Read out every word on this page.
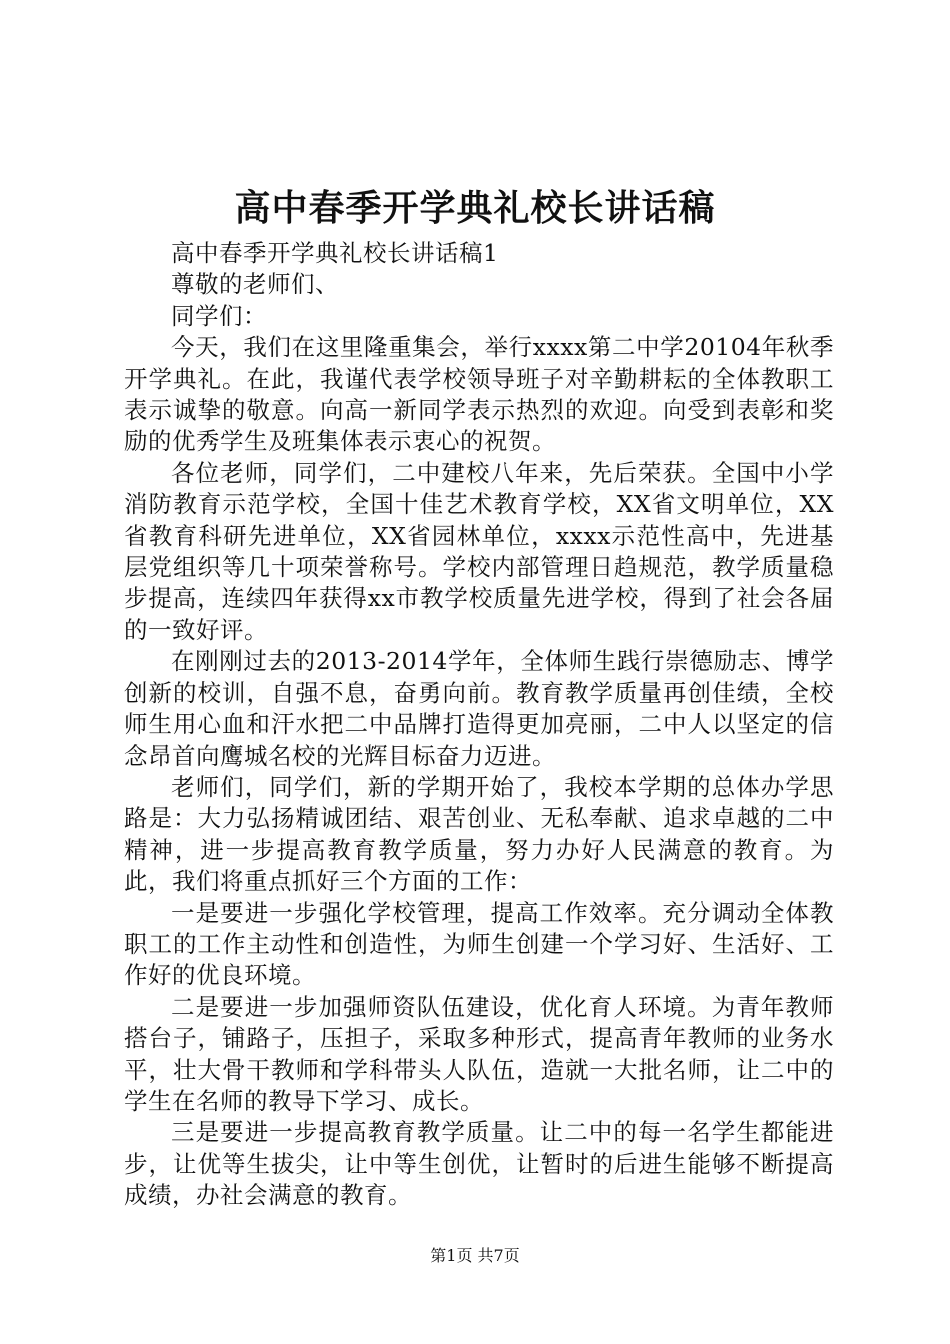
高中春季开学典礼校长讲话稿

高中春季开学典礼校长讲话稿1

尊敬的老师们、

同学们：

今天，我们在这里隆重集会，举行xxxx第二中学20104年秋季开学典礼。在此，我谨代表学校领导班子对辛勤耕耘的全体教职工表示诚挚的敬意。向高一新同学表示热烈的欢迎。向受到表彰和奖励的优秀学生及班集体表示衷心的祝贺。

各位老师，同学们，二中建校八年来，先后荣获。全国中小学消防教育示范学校，全国十佳艺术教育学校，XX省文明单位，XX省教育科研先进单位，XX省园林单位，xxxx示范性高中，先进基层党组织等几十项荣誉称号。学校内部管理日趋规范，教学质量稳步提高，连续四年获得xx市教学校质量先进学校，得到了社会各届的一致好评。

在刚刚过去的2013-2014学年，全体师生践行崇德励志、博学创新的校训，自强不息，奋勇向前。教育教学质量再创佳绩，全校师生用心血和汗水把二中品牌打造得更加亮丽，二中人以坚定的信念昂首向鹰城名校的光辉目标奋力迈进。

老师们，同学们，新的学期开始了，我校本学期的总体办学思路是：大力弘扬精诚团结、艰苦创业、无私奉献、追求卓越的二中精神，进一步提高教育教学质量，努力办好人民满意的教育。为此，我们将重点抓好三个方面的工作：

一是要进一步强化学校管理，提高工作效率。充分调动全体教职工的工作主动性和创造性，为师生创建一个学习好、生活好、工作好的优良环境。

二是要进一步加强师资队伍建设，优化育人环境。为青年教师搭台子，铺路子，压担子，采取多种形式，提高青年教师的业务水平，壮大骨干教师和学科带头人队伍，造就一大批名师，让二中的学生在名师的教导下学习、成长。

三是要进一步提高教育教学质量。让二中的每一名学生都能进步，让优等生拔尖，让中等生创优，让暂时的后进生能够不断提高成绩，办社会满意的教育。

第1页 共7页
